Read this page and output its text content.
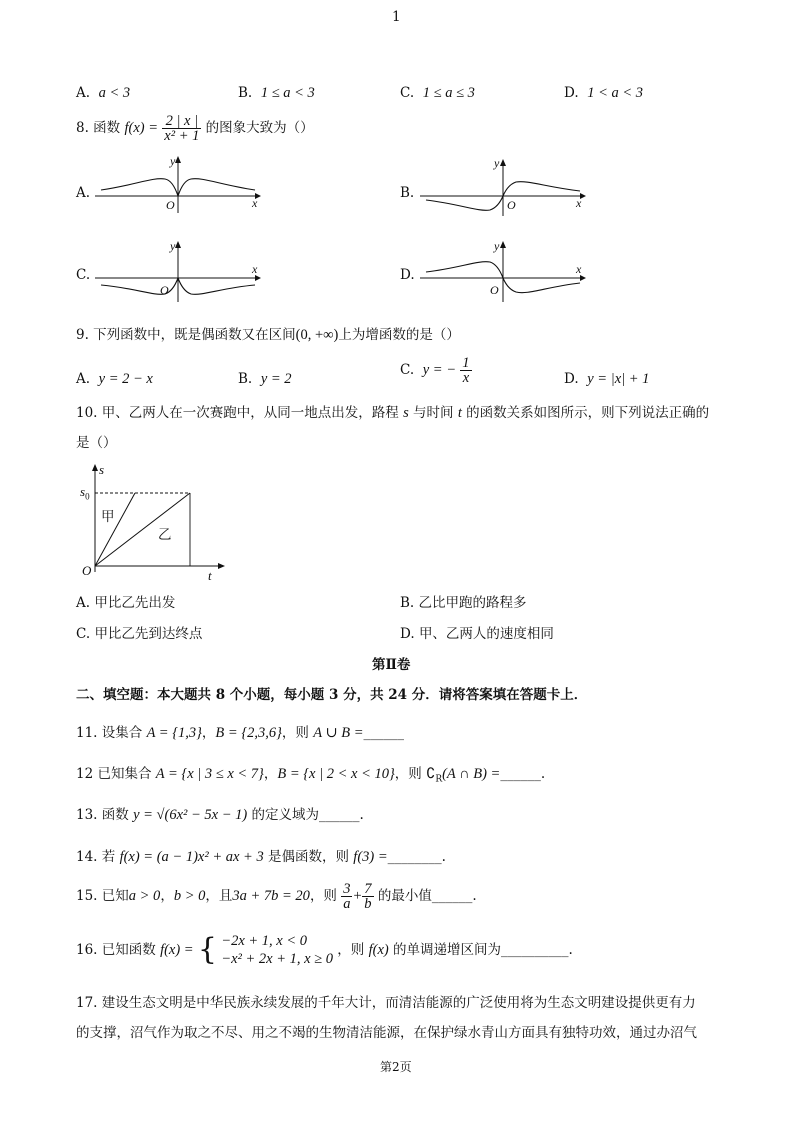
1
A. a < 3	B. 1 ≤ a < 3	C. 1 ≤ a ≤ 3	D. 1 < a < 3
8. 函数 $f(x) = \frac{2 | x |}{\text{x² + 1}}$ 的图象大致为（）
A.
y
x
O
B.
y
x
O
C.
y
x
O
D.
y
x
O
9. 下列函数中，既是偶函数又在区间(0, +∞)上为增函数的是（）
A. y = 2 − x	B. y = 2
C. y = − $\frac{1}{x}$	D. y = |x| + 1
10. 甲、乙两人在一次赛跑中，从同一地点出发，路程 s 与时间 t 的函数关系如图所示，则下列说法正确的
是（）
s
$s_0$
t
O
甲
乙
A. 甲比乙先出发	B. 乙比甲跑的路程多
C. 甲比乙先到达终点	D. 甲、乙两人的速度相同
第Ⅱ卷
二、填空题：本大题共 8 个小题，每小题 3 分，共 24 分．请将答案填在答题卡上．
11. 设集合 A = {1,3}，B = {2,3,6}，则 A ∪ B =______
12 已知集合 A = {x | 3 ≤ x < 7}，B = {x | 2 < x < 10}，则 $∁_R(A$ ∩ B) =______.
13. 函数 y = √(6x² − 5x − 1) 的定义域为______.
14. 若 f(x) = (a − 1)x² + ax + 3 是偶函数，则 f(3) =________.
15. 已知a > 0，b > 0，且3a + 7b = 20，则 $\frac{3}{a} + \frac{7}{b}$ 的最小值______.
16. 已知函数 f(x) = { −2x + 1, x < 0
−x² + 2x + 1, x ≥ 0
，则 f(x) 的单调递增区间为__________.
17. 建设生态文明是中华民族永续发展的千年大计，而清洁能源的广泛使用将为生态文明建设提供更有力
的支撑，沼气作为取之不尽、用之不竭的生物清洁能源，在保护绿水青山方面具有独特功效，通过办沼气
第2页
